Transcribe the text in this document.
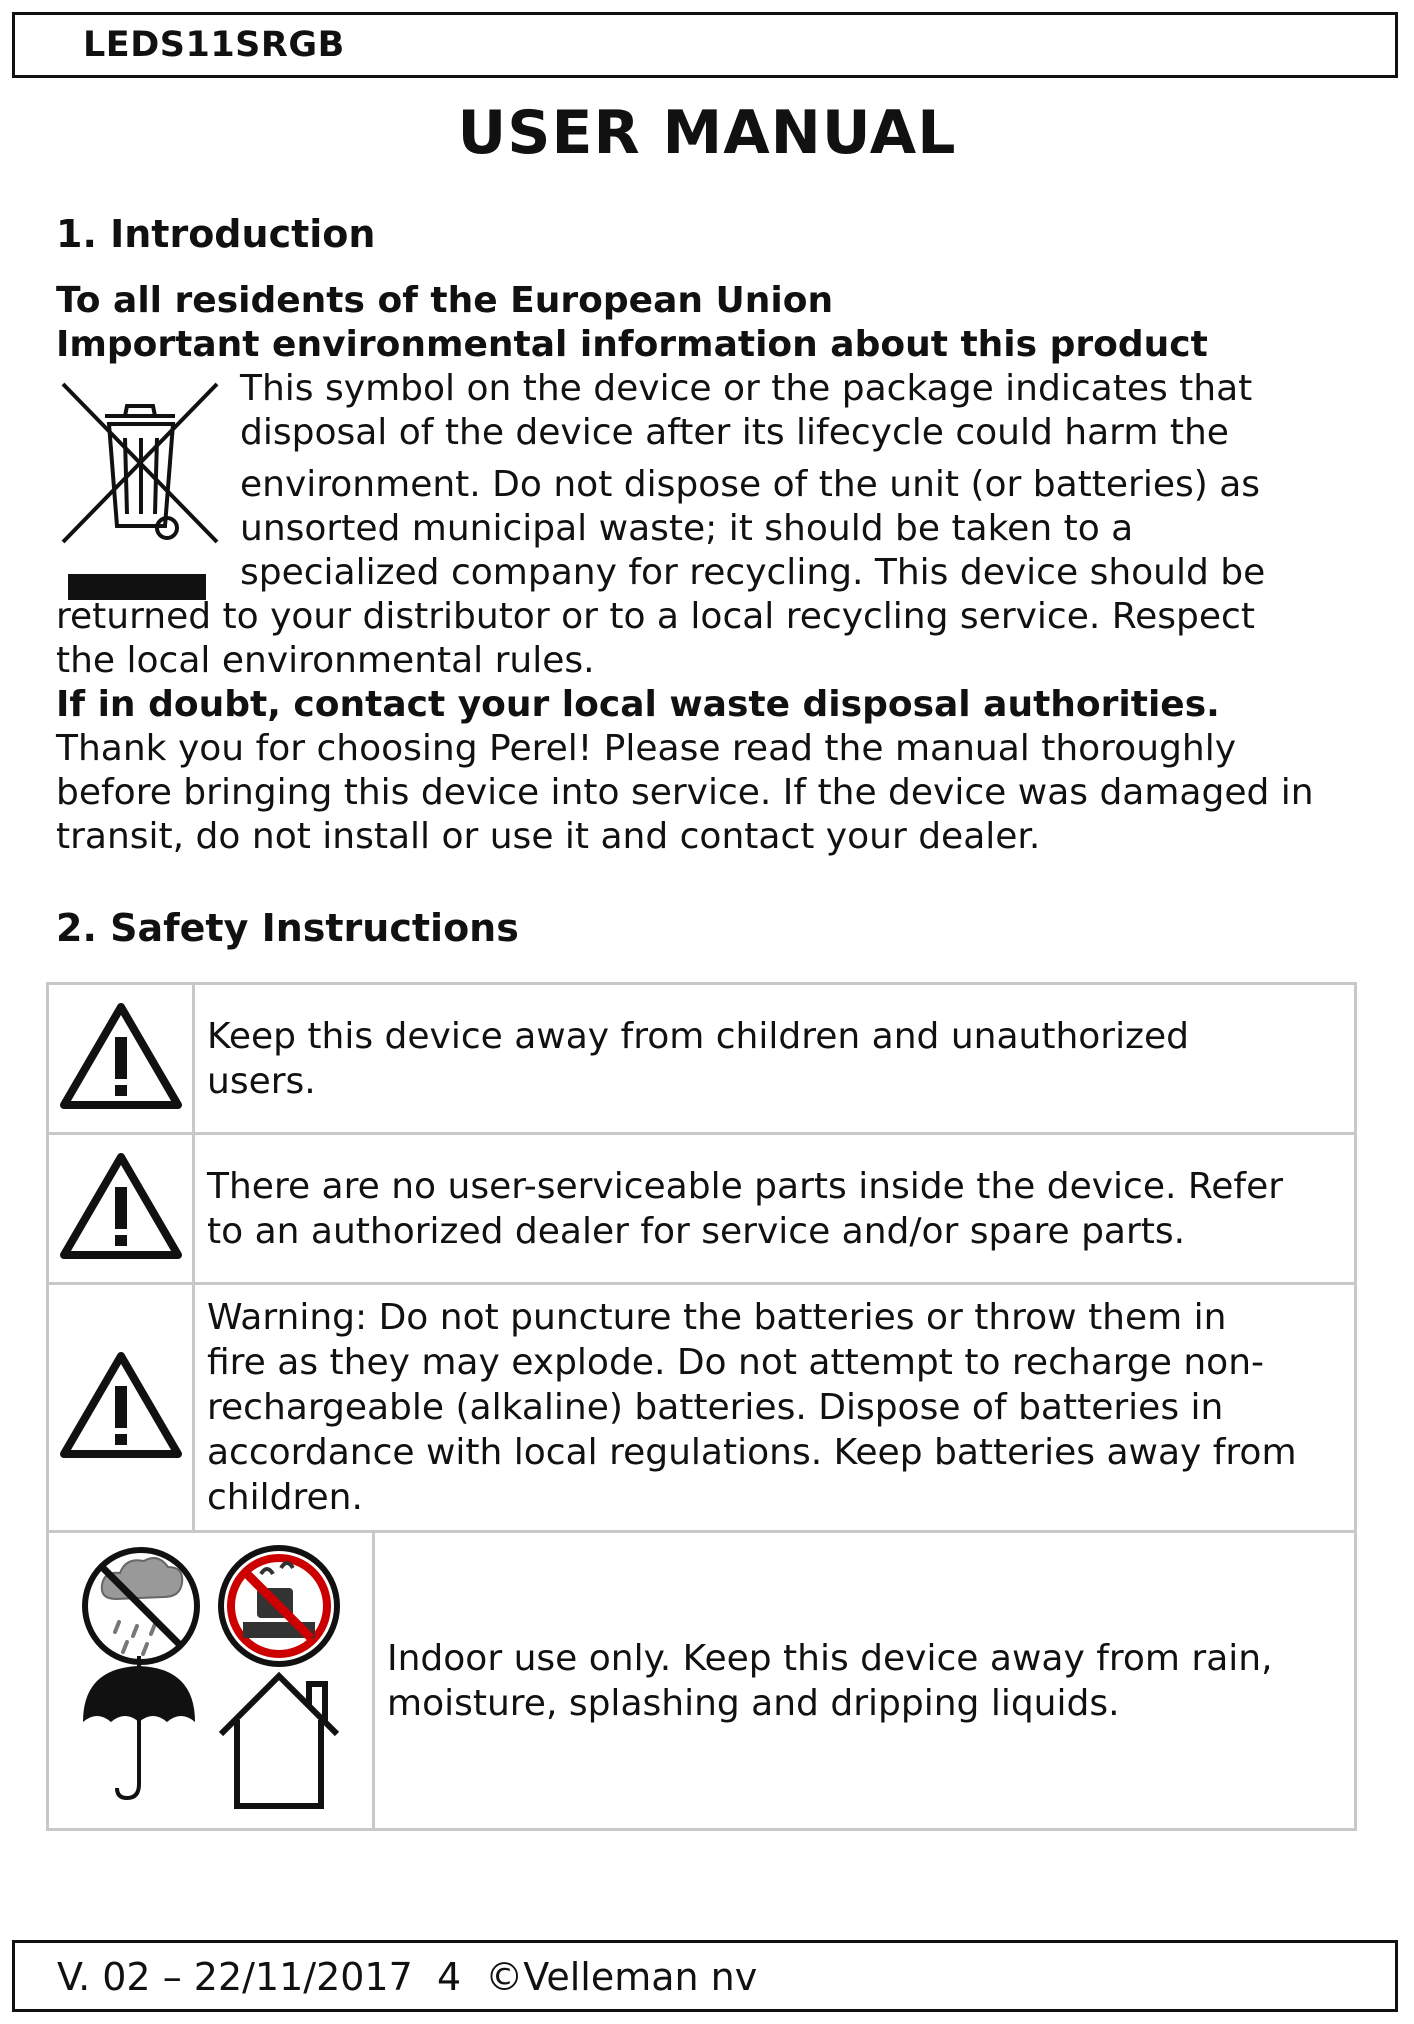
LEDS11SRGB
USER MANUAL
1. Introduction
To all residents of the European Union
Important environmental information about this product
This symbol on the device or the package indicates that
disposal of the device after its lifecycle could harm the
environment. Do not dispose of the unit (or batteries) as
unsorted municipal waste; it should be taken to a
specialized company for recycling. This device should be
returned to your distributor or to a local recycling service. Respect
the local environmental rules.
If in doubt, contact your local waste disposal authorities.
Thank you for choosing Perel! Please read the manual thoroughly
before bringing this device into service. If the device was damaged in
transit, do not install or use it and contact your dealer.
2. Safety Instructions

Keep this device away from children and unauthorized
users.	

There are no user-serviceable parts inside the device. Refer
to an authorized dealer for service and/or spare parts.	

Warning: Do not puncture the batteries or throw them in
fire as they may explode. Do not attempt to recharge non-
rechargeable (alkaline) batteries. Dispose of batteries in
accordance with local regulations. Keep batteries away from
children.	

Indoor use only. Keep this device away from rain,
moisture, splashing and dripping liquids.
V. 02 – 22/11/2017  4  ©Velleman nv
